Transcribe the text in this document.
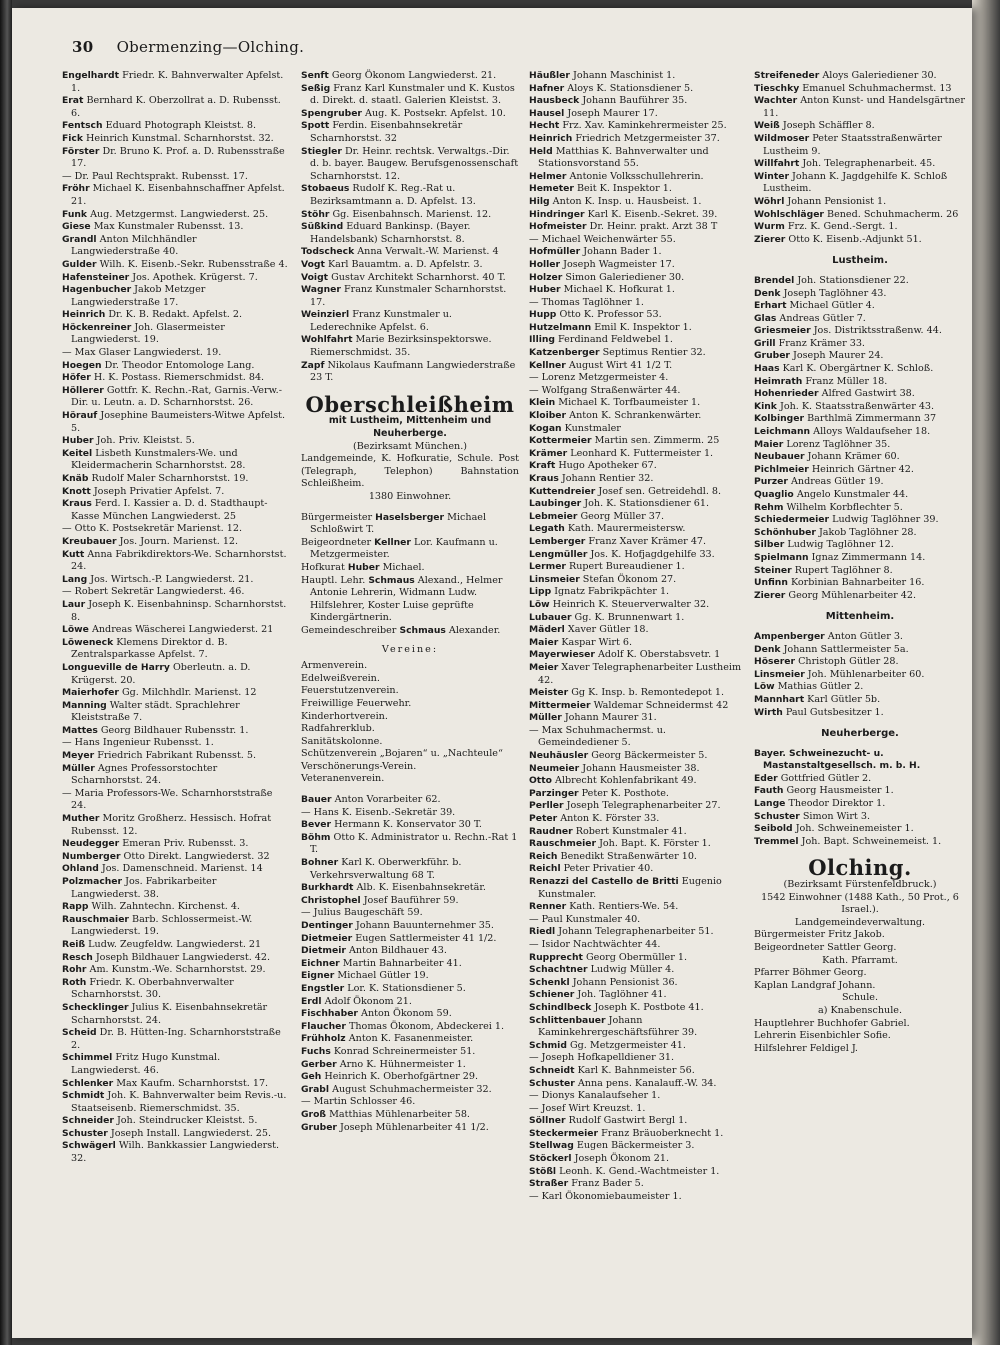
30 Obermenzing—Olching.
Engelhardt Friedr. K. Bahnverwalter Apfelst. 1.
Erat Bernhard K. Oberzollrat a. D. Rubensst. 6.
Fentsch Eduard Photograph Kleistst. 8.
Fick Heinrich Kunstmal. Scharnhorstst. 32.
Förster Dr. Bruno K. Prof. a. D. Rubensstraße 17.
— Dr. Paul Rechtsprakt. Rubensst. 17.
Fröhr Michael K. Eisenbahnschaffner Apfelst. 21.
Funk Aug. Metzgermst. Langwiederst. 25.
Giese Max Kunstmaler Rubensst. 13.
Grandl Anton Milchhändler Langwiederstraße 40.
Gulder Wilh. K. Eisenb.-Sekr. Rubensstraße 4.
Hafensteiner Jos. Apothek. Krügerst. 7.
Hagenbucher Jakob Metzger Langwiederstraße 17.
Heinrich Dr. K. B. Redakt. Apfelst. 2.
Höckenreiner Joh. Glasermeister Langwiederst. 19.
— Max Glaser Langwiederst. 19.
Hoegen Dr. Theodor Entomologe Lang.
Höfer H. K. Postass. Riemerschmidst. 84.
Höllerer Gottfr. K. Rechn.-Rat, Garnis.-Verw.-Dir. u. Leutn. a. D. Scharnhorstst. 26.
Hörauf Josephine Baumeisters-Witwe Apfelst. 5.
Huber Joh. Priv. Kleistst. 5.
Keitel Lisbeth Kunstmalers-We. und Kleidermacherin Scharnhorstst. 28.
Knäb Rudolf Maler Scharnhorstst. 19.
Knott Joseph Privatier Apfelst. 7.
Kraus Ferd. I. Kassier a. D. d. Stadthaupt-Kasse München Langwiederst. 25
— Otto K. Postsekretär Marienst. 12.
Kreubauer Jos. Journ. Marienst. 12.
Kutt Anna Fabrikdirektors-We. Scharnhorstst. 24.
Lang Jos. Wirtsch.-P. Langwiederst. 21.
— Robert Sekretär Langwiederst. 46.
Laur Joseph K. Eisenbahninsp. Scharnhorstst. 8.
Löwe Andreas Wäscherei Langwiederst. 21
Löweneck Klemens Direktor d. B. Zentralsparkasse Apfelst. 7.
Longueville de Harry Oberleutn. a. D. Krügerst. 20.
Maierhofer Gg. Milchhdlr. Marienst. 12
Manning Walter städt. Sprachlehrer Kleiststraße 7.
Mattes Georg Bildhauer Rubensstr. 1.
— Hans Ingenieur Rubensst. 1.
Meyer Friedrich Fabrikant Rubensst. 5.
Müller Agnes Professorstochter Scharnhorstst. 24.
— Maria Professors-We. Scharnhorststraße 24.
Muther Moritz Großherz. Hessisch. Hofrat Rubensst. 12.
Neudegger Emeran Priv. Rubensst. 3.
Numberger Otto Direkt. Langwiederst. 32
Ohland Jos. Damenschneid. Marienst. 14
Polzmacher Jos. Fabrikarbeiter Langwiederst. 38.
Rapp Wilh. Zahntechn. Kirchenst. 4.
Rauschmaier Barb. Schlossermeist.-W. Langwiederst. 19.
Reiß Ludw. Zeugfeldw. Langwiederst. 21
Resch Joseph Bildhauer Langwiederst. 42.
Rohr Am. Kunstm.-We. Scharnhorstst. 29.
Roth Friedr. K. Oberbahnverwalter Scharnhorstst. 30.
Schecklinger Julius K. Eisenbahnsekretär Scharnhorstst. 24.
Scheid Dr. B. Hütten-Ing. Scharnhorststraße 2.
Schimmel Fritz Hugo Kunstmal. Langwiederst. 46.
Schlenker Max Kaufm. Scharnhorstst. 17.
Schmidt Joh. K. Bahnverwalter beim Revis.-u. Staatseisenb. Riemerschmidst. 35.
Schneider Joh. Steindrucker Kleistst. 5.
Schuster Joseph Install. Langwiederst. 25.
Schwägerl Wilh. Bankkassier Langwiederst. 32.
Senft Georg Ökonom Langwiederst. 21.
Seßig Franz Karl Kunstmaler und K. Kustos d. Direkt. d. staatl. Galerien Kleistst. 3.
Spengruber Aug. K. Postsekr. Apfelst. 10.
Spott Ferdin. Eisenbahnsekretär Scharnhorstst. 32
Stiegler Dr. Heinr. rechtsk. Verwaltgs.-Dir. d. b. bayer. Baugew. Berufsgenossenschaft Scharnhorstst. 12.
Stobaeus Rudolf K. Reg.-Rat u. Bezirksamtmann a. D. Apfelst. 13.
Stöhr Gg. Eisenbahnsch. Marienst. 12.
Süßkind Eduard Bankinsp. (Bayer. Handelsbank) Scharnhorstst. 8.
Todscheck Anna Verwalt.-W. Marienst. 4
Vogt Karl Bauamtm. a. D. Apfelstr. 3.
Voigt Gustav Architekt Scharnhorst. 40 T.
Wagner Franz Kunstmaler Scharnhorstst. 17.
Weinzierl Franz Kunstmaler u. Lederechnike Apfelst. 6.
Wohlfahrt Marie Bezirksinspektorswe. Riemerschmidst. 35.
Zapf Nikolaus Kaufmann Langwiederstraße 23 T.
Oberschleißheim
mit Lustheim, Mittenheim und Neuherberge.
(Bezirksamt München.)
Landgemeinde, K. Hofkuratie, Schule. Post (Telegraph, Telephon) Bahnstation Schleißheim.
1380 Einwohner.
Bürgermeister Haselsberger Michael Schloßwirt T.
Beigeordneter Kellner Lor. Kaufmann u. Metzgermeister.
Hofkurat Huber Michael.
Hauptl. Lehr. Schmaus Alexand., Helmer Antonie Lehrerin, Widmann Ludw. Hilfslehrer, Koster Luise geprüfte Kindergärtnerin.
Gemeindeschreiber Schmaus Alexander.
Vereine:
Armenverein.
Edelweißverein.
Feuerstutzenverein.
Freiwillige Feuerwehr.
Kinderhortverein.
Radfahrerklub.
Sanitätskolonne.
Schützenverein „Bojaren“ u. „Nachteule“
Verschönerungs-Verein.
Veteranenverein.
Bauer Anton Vorarbeiter 62.
— Hans K. Eisenb.-Sekretär 39.
Bever Hermann K. Konservator 30 T.
Böhm Otto K. Administrator u. Rechn.-Rat 1 T.
Bohner Karl K. Oberwerkführ. b. Verkehrsverwaltung 68 T.
Burkhardt Alb. K. Eisenbahnsekretär.
Christophel Josef Bauführer 59.
— Julius Baugeschäft 59.
Dentinger Johann Bauunternehmer 35.
Dietmeier Eugen Sattlermeister 41 1/2.
Dietmeir Anton Bildhauer 43.
Eichner Martin Bahnarbeiter 41.
Eigner Michael Gütler 19.
Engstler Lor. K. Stationsdiener 5.
Erdl Adolf Ökonom 21.
Fischhaber Anton Ökonom 59.
Flaucher Thomas Ökonom, Abdeckerei 1.
Frühholz Anton K. Fasanenmeister.
Fuchs Konrad Schreinermeister 51.
Gerber Arno K. Hühnermeister 1.
Geh Heinrich K. Oberhofgärtner 29.
Grabl August Schuhmachermeister 32.
— Martin Schlosser 46.
Groß Matthias Mühlenarbeiter 58.
Gruber Joseph Mühlenarbeiter 41 1/2.
Häußler Johann Maschinist 1.
Hafner Aloys K. Stationsdiener 5.
Hausbeck Johann Bauführer 35.
Hausel Joseph Maurer 17.
Hecht Frz. Xav. Kaminkehrermeister 25.
Heinrich Friedrich Metzgermeister 37.
Held Matthias K. Bahnverwalter und Stationsvorstand 55.
Helmer Antonie Volksschullehrerin.
Hemeter Beit K. Inspektor 1.
Hilg Anton K. Insp. u. Hausbeist. 1.
Hindringer Karl K. Eisenb.-Sekret. 39.
Hofmeister Dr. Heinr. prakt. Arzt 38 T
— Michael Weichenwärter 55.
Hofmüller Johann Bader 1.
Holler Joseph Wagmeister 17.
Holzer Simon Galeriediener 30.
Huber Michael K. Hofkurat 1.
— Thomas Taglöhner 1.
Hupp Otto K. Professor 53.
Hutzelmann Emil K. Inspektor 1.
Illing Ferdinand Feldwebel 1.
Katzenberger Septimus Rentier 32.
Kellner August Wirt 41 1/2 T.
— Lorenz Metzgermeister 4.
— Wolfgang Straßenwärter 44.
Klein Michael K. Torfbaumeister 1.
Kloiber Anton K. Schrankenwärter.
Kogan Kunstmaler
Kottermeier Martin sen. Zimmerm. 25
Krämer Leonhard K. Futtermeister 1.
Kraft Hugo Apotheker 67.
Kraus Johann Rentier 32.
Kuttendreier Josef sen. Getreidehdl. 8.
Laubinger Joh. K. Stationsdiener 61.
Lebmeier Georg Müller 37.
Legath Kath. Maurermeistersw.
Lemberger Franz Xaver Krämer 47.
Lengmüller Jos. K. Hofjagdgehilfe 33.
Lermer Rupert Bureaudiener 1.
Linsmeier Stefan Ökonom 27.
Lipp Ignatz Fabrikpächter 1.
Löw Heinrich K. Steuerverwalter 32.
Lubauer Gg. K. Brunnenwart 1.
Mäderl Xaver Gütler 18.
Maier Kaspar Wirt 6.
Mayerwieser Adolf K. Oberstabsvetr. 1
Meier Xaver Telegraphenarbeiter Lustheim 42.
Meister Gg K. Insp. b. Remontedepot 1.
Mittermeier Waldemar Schneidermst 42
Müller Johann Maurer 31.
— Max Schuhmachermst. u. Gemeindediener 5.
Neuhäusler Georg Bäckermeister 5.
Neumeier Johann Hausmeister 38.
Otto Albrecht Kohlenfabrikant 49.
Parzinger Peter K. Posthote.
Perller Joseph Telegraphenarbeiter 27.
Peter Anton K. Förster 33.
Raudner Robert Kunstmaler 41.
Rauschmeier Joh. Bapt. K. Förster 1.
Reich Benedikt Straßenwärter 10.
Reichl Peter Privatier 40.
Renazzi del Castello de Britti Eugenio Kunstmaler.
Renner Kath. Rentiers-We. 54.
— Paul Kunstmaler 40.
Riedl Johann Telegraphenarbeiter 51.
— Isidor Nachtwächter 44.
Rupprecht Georg Obermüller 1.
Schachtner Ludwig Müller 4.
Schenkl Johann Pensionist 36.
Schiener Joh. Taglöhner 41.
Schindlbeck Joseph K. Postbote 41.
Schlittenbauer Johann Kaminkehrergeschäftsführer 39.
Schmid Gg. Metzgermeister 41.
— Joseph Hofkapelldiener 31.
Schneidt Karl K. Bahnmeister 56.
Schuster Anna pens. Kanalauff.-W. 34.
— Dionys Kanalaufseher 1.
— Josef Wirt Kreuzst. 1.
Söllner Rudolf Gastwirt Bergl 1.
Steckermeier Franz Bräuoberknecht 1.
Stellwag Eugen Bäckermeister 3.
Stöckerl Joseph Ökonom 21.
Stößl Leonh. K. Gend.-Wachtmeister 1.
Straßer Franz Bader 5.
— Karl Ökonomiebaumeister 1.
Streifeneder Aloys Galeriediener 30.
Tieschky Emanuel Schuhmachermst. 13
Wachter Anton Kunst- und Handelsgärtner 11.
Weiß Joseph Schäffler 8.
Wildmoser Peter Staatsstraßenwärter Lustheim 9.
Willfahrt Joh. Telegraphenarbeit. 45.
Winter Johann K. Jagdgehilfe K. Schloß Lustheim.
Wöhrl Johann Pensionist 1.
Wohlschläger Bened. Schuhmacherm. 26
Wurm Frz. K. Gend.-Sergt. 1.
Zierer Otto K. Eisenb.-Adjunkt 51.
Lustheim.
Brendel Joh. Stationsdiener 22.
Denk Joseph Taglöhner 43.
Erhart Michael Gütler 4.
Glas Andreas Gütler 7.
Griesmeier Jos. Distriktsstraßenw. 44.
Grill Franz Krämer 33.
Gruber Joseph Maurer 24.
Haas Karl K. Obergärtner K. Schloß.
Heimrath Franz Müller 18.
Hohenrieder Alfred Gastwirt 38.
Kink Joh. K. Staatsstraßenwärter 43.
Kolbinger Barthlmä Zimmermann 37
Leichmann Alloys Waldaufseher 18.
Maier Lorenz Taglöhner 35.
Neubauer Johann Krämer 60.
Pichlmeier Heinrich Gärtner 42.
Purzer Andreas Gütler 19.
Quaglio Angelo Kunstmaler 44.
Rehm Wilhelm Korbflechter 5.
Schiedermeier Ludwig Taglöhner 39.
Schönhuber Jakob Taglöhner 28.
Silber Ludwig Taglöhner 12.
Spielmann Ignaz Zimmermann 14.
Steiner Rupert Taglöhner 8.
Unfinn Korbinian Bahnarbeiter 16.
Zierer Georg Mühlenarbeiter 42.
Mittenheim.
Ampenberger Anton Gütler 3.
Denk Johann Sattlermeister 5a.
Höserer Christoph Gütler 28.
Linsmeier Joh. Mühlenarbeiter 60.
Löw Mathias Gütler 2.
Mannhart Karl Gütler 5b.
Wirth Paul Gutsbesitzer 1.
Neuherberge.
Bayer. Schweinezucht- u. Mastanstaltgesellsch. m. b. H.
Eder Gottfried Gütler 2.
Fauth Georg Hausmeister 1.
Lange Theodor Direktor 1.
Schuster Simon Wirt 3.
Seibold Joh. Schweinemeister 1.
Tremmel Joh. Bapt. Schweinemeist. 1.
Olching.
(Bezirksamt Fürstenfeldbruck.)
1542 Einwohner (1488 Kath., 50 Prot., 6 Israel.).
Landgemeindeverwaltung.
Bürgermeister Fritz Jakob.
Beigeordneter Sattler Georg.
Kath. Pfarramt.
Pfarrer Böhmer Georg.
Kaplan Landgraf Johann.
Schule.
a) Knabenschule.
Hauptlehrer Buchhofer Gabriel.
Lehrerin Eisenbichler Sofie.
Hilfslehrer Feldigel J.
